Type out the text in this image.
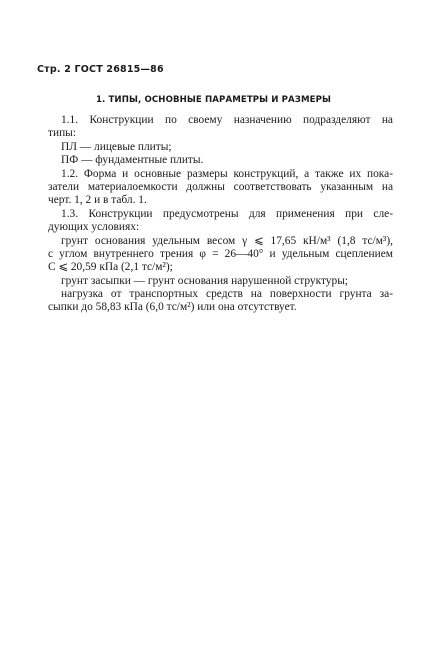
Стр. 2 ГОСТ 26815—86
1. ТИПЫ, ОСНОВНЫЕ ПАРАМЕТРЫ И РАЗМЕРЫ
1.1. Конструкции по своему назначению подразделяют на
типы:
ПЛ — лицевые плиты;
ПФ — фундаментные плиты.
1.2. Форма и основные размеры конструкций, а также их пока-
затели материалоемкости должны соответствовать указанным на
черт. 1, 2 и в табл. 1.
1.3. Конструкции предусмотрены для применения при сле-
дующих условиях:
грунт основания удельным весом γ ⩽ 17,65 кН/м³ (1,8 тс/м³),
с углом внутреннего трения φ = 26—40° и удельным сцеплением
C ⩽ 20,59 кПа (2,1 тс/м²);
грунт засыпки — грунт основания нарушенной структуры;
нагрузка от транспортных средств на поверхности грунта за-
сыпки до 58,83 кПа (6,0 тс/м²) или она отсутствует.
